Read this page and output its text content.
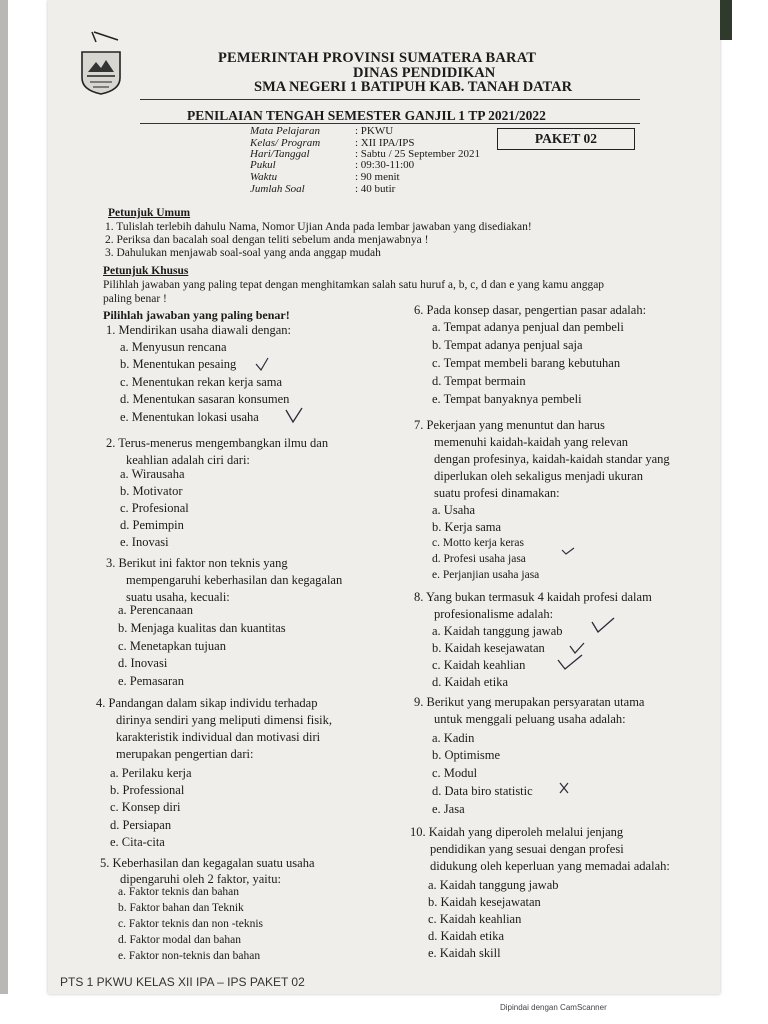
PEMERINTAH PROVINSI SUMATERA BARAT
DINAS PENDIDIKAN
SMA NEGERI 1 BATIPUH KAB. TANAH DATAR
PENILAIAN TENGAH SEMESTER GANJIL 1 TP 2021/2022
PAKET 02
Petunjuk Umum
Petunjuk Khusus
Pilihlah jawaban yang paling tepat dengan menghitamkan salah satu huruf a, b, c, d dan e yang kamu anggap
paling benar !
Pilihlah jawaban yang paling benar!
PTS 1 PKWU KELAS XII IPA – IPS PAKET 02
Dipindai dengan CamScanner
Mata Pelajaran	: PKWU
Kelas/ Program	: XII IPA/IPS
Hari/Tanggal	: Sabtu / 25 September 2021
Pukul	: 09:30-11:00
Waktu	: 90 menit
Jumlah Soal	: 40 butir
1. Tulislah terlebih dahulu Nama, Nomor Ujian Anda pada lembar jawaban yang disediakan!
2. Periksa dan bacalah soal dengan teliti sebelum anda menjawabnya !
3. Dahulukan menjawab soal-soal yang anda anggap mudah
1. Mendirikan usaha diawali dengan:
a. Menyusun rencana
b. Menentukan pesaing
c. Menentukan rekan kerja sama
d. Menentukan sasaran konsumen
e. Menentukan lokasi usaha
2. Terus-menerus mengembangkan ilmu dan
keahlian adalah ciri dari:
a. Wirausaha
b. Motivator
c. Profesional
d. Pemimpin
e. Inovasi
3. Berikut ini faktor non teknis yang
mempengaruhi keberhasilan dan kegagalan
suatu usaha, kecuali:
a. Perencanaan
b. Menjaga kualitas dan kuantitas
c. Menetapkan tujuan
d. Inovasi
e. Pemasaran
4. Pandangan dalam sikap individu terhadap
dirinya sendiri yang meliputi dimensi fisik,
karakteristik individual dan motivasi diri
merupakan pengertian dari:
a. Perilaku kerja
b. Professional
c. Konsep diri
d. Persiapan
e. Cita-cita
5. Keberhasilan dan kegagalan suatu usaha
dipengaruhi oleh 2 faktor, yaitu:
a. Faktor teknis dan bahan
b. Faktor bahan dan Teknik
c. Faktor teknis dan non -teknis
d. Faktor modal dan bahan
e. Faktor non-teknis dan bahan
6. Pada konsep dasar, pengertian pasar adalah:
a. Tempat adanya penjual dan pembeli
b. Tempat adanya penjual saja
c. Tempat membeli barang kebutuhan
d. Tempat bermain
e. Tempat banyaknya pembeli
7. Pekerjaan yang menuntut dan harus
memenuhi kaidah-kaidah yang relevan
dengan profesinya, kaidah-kaidah standar yang
diperlukan oleh sekaligus menjadi ukuran
suatu profesi dinamakan:
a. Usaha
b. Kerja sama
c. Motto kerja keras
d. Profesi usaha jasa
e. Perjanjian usaha jasa
8. Yang bukan termasuk 4 kaidah profesi dalam
profesionalisme adalah:
a. Kaidah tanggung jawab
b. Kaidah kesejawatan
c. Kaidah keahlian
d. Kaidah etika
9. Berikut yang merupakan persyaratan utama
untuk menggali peluang usaha adalah:
a. Kadin
b. Optimisme
c. Modul
d. Data biro statistic
e. Jasa
10. Kaidah yang diperoleh melalui jenjang
pendidikan yang sesuai dengan profesi
didukung oleh keperluan yang memadai adalah:
a. Kaidah tanggung jawab
b. Kaidah kesejawatan
c. Kaidah keahlian
d. Kaidah etika
e. Kaidah skill
